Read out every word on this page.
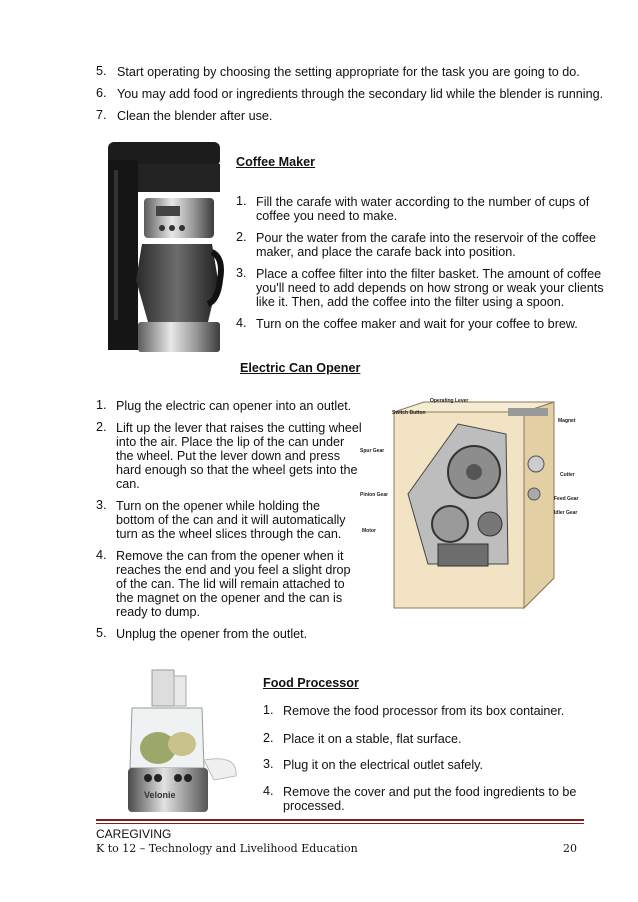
5. Start operating by choosing the setting appropriate for the task you are going to do.
6. You may add food or ingredients through the secondary lid while the blender is running.
7. Clean the blender after use.
Coffee Maker
1. Fill the carafe with water according to the number of cups of
coffee you need to make.
2. Pour the water from the carafe into the reservoir of the coffee
maker, and place the carafe back into position.
3. Place a coffee filter into the filter basket. The amount of coffee
you'll need to add depends on how strong or weak your clients
like it. Then, add the coffee into the filter using a spoon.
4. Turn on the coffee maker and wait for your coffee to brew.
Electric Can Opener
1. Plug the electric can opener into an outlet.
2. Lift up the lever that raises the cutting wheel
into the air. Place the lip of the can under
the wheel. Put the lever down and press
hard enough so that the wheel gets into the
can.
3. Turn on the opener while holding the
bottom of the can and it will automatically
turn as the wheel slices through the can.
4. Remove the can from the opener when it
reaches the end and you feel a slight drop
of the can. The lid will remain attached to
the magnet on the opener and the can is
ready to dump.
5. Unplug the opener from the outlet.
Operating Lever
Switch Button
Magnet
Spur Gear
Cutter
Pinion Gear
Feed Gear
Idler Gear
Motor
Velonie
Food Processor
1. Remove the food processor from its box container.
2. Place it on a stable, flat surface.
3. Plug it on the electrical outlet safely.
4. Remove the cover and put the food ingredients to be
processed.
CAREGIVING
K to 12 – Technology and Livelihood Education	20
